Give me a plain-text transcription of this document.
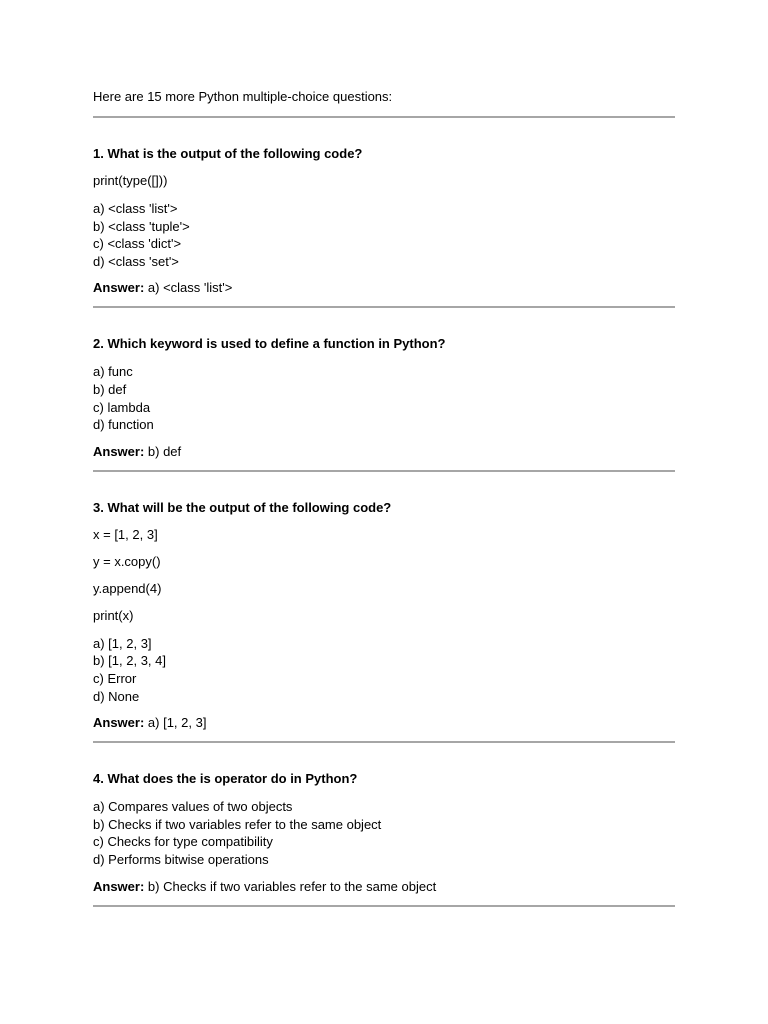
Here are 15 more Python multiple-choice questions:

1. What is the output of the following code?

print(type([]))

a) <class 'list'>
b) <class 'tuple'>
c) <class 'dict'>
d) <class 'set'>

Answer: a) <class 'list'>

2. Which keyword is used to define a function in Python?

a) func
b) def
c) lambda
d) function

Answer: b) def

3. What will be the output of the following code?

x = [1, 2, 3]

y = x.copy()

y.append(4)

print(x)

a) [1, 2, 3]
b) [1, 2, 3, 4]
c) Error
d) None

Answer: a) [1, 2, 3]

4. What does the is operator do in Python?

a) Compares values of two objects
b) Checks if two variables refer to the same object
c) Checks for type compatibility
d) Performs bitwise operations

Answer: b) Checks if two variables refer to the same object
